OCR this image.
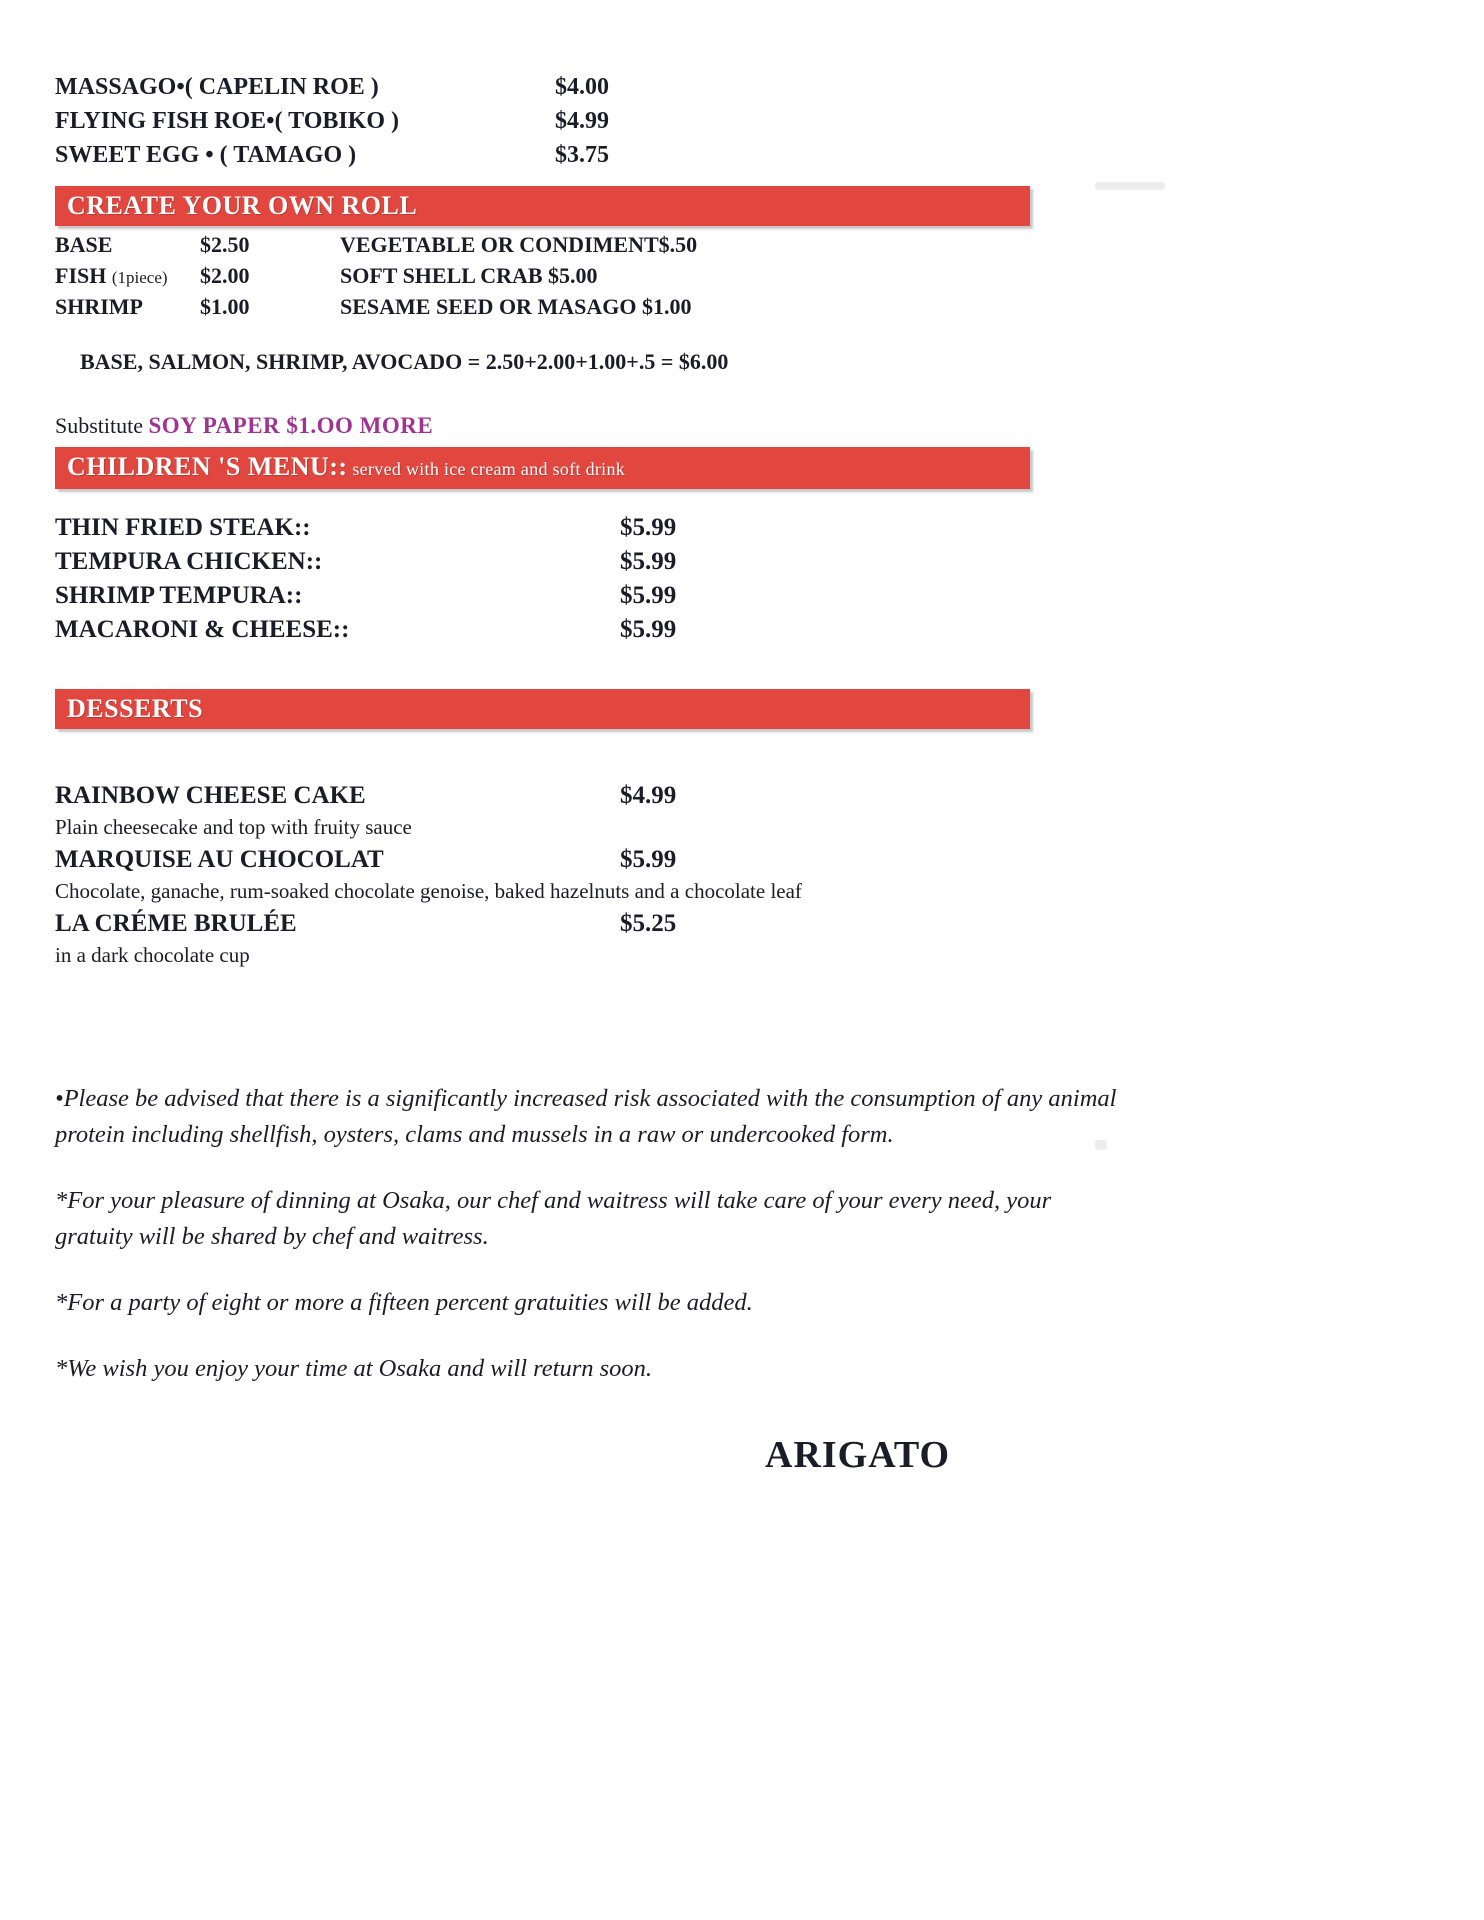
MASSAGO•( CAPELIN ROE )	$4.00
FLYING FISH ROE•( TOBIKO )	$4.99
SWEET EGG • ( TAMAGO )	$3.75
CREATE YOUR OWN ROLL
BASE	$2.50	VEGETABLE OR CONDIMENT$.50
FISH (1piece)	$2.00	SOFT SHELL CRAB $5.00
SHRIMP	$1.00	SESAME SEED OR MASAGO $1.00
BASE, SALMON, SHRIMP, AVOCADO = 2.50+2.00+1.00+.5 = $6.00
Substitute SOY PAPER $1.OO MORE
CHILDREN 'S MENU:: served with ice cream and soft drink
THIN FRIED STEAK::	$5.99
TEMPURA CHICKEN::	$5.99
SHRIMP TEMPURA::	$5.99
MACARONI & CHEESE::	$5.99
DESSERTS
RAINBOW CHEESE CAKE	$4.99
Plain cheesecake and top with fruity sauce
MARQUISE AU CHOCOLAT	$5.99
Chocolate, ganache, rum-soaked chocolate genoise, baked hazelnuts and a chocolate leaf
LA CRÉME BRULÉE	$5.25
in a dark chocolate cup

•Please be advised that there is a significantly increased risk associated with the consumption of any animal protein including shellfish, oysters, clams and mussels in a raw or undercooked form.

*For your pleasure of dinning at Osaka, our chef and waitress will take care of your every need, your gratuity will be shared by chef and waitress.

*For a party of eight or more a fifteen percent gratuities will be added.

*We wish you enjoy your time at Osaka and will return soon.

ARIGATO
